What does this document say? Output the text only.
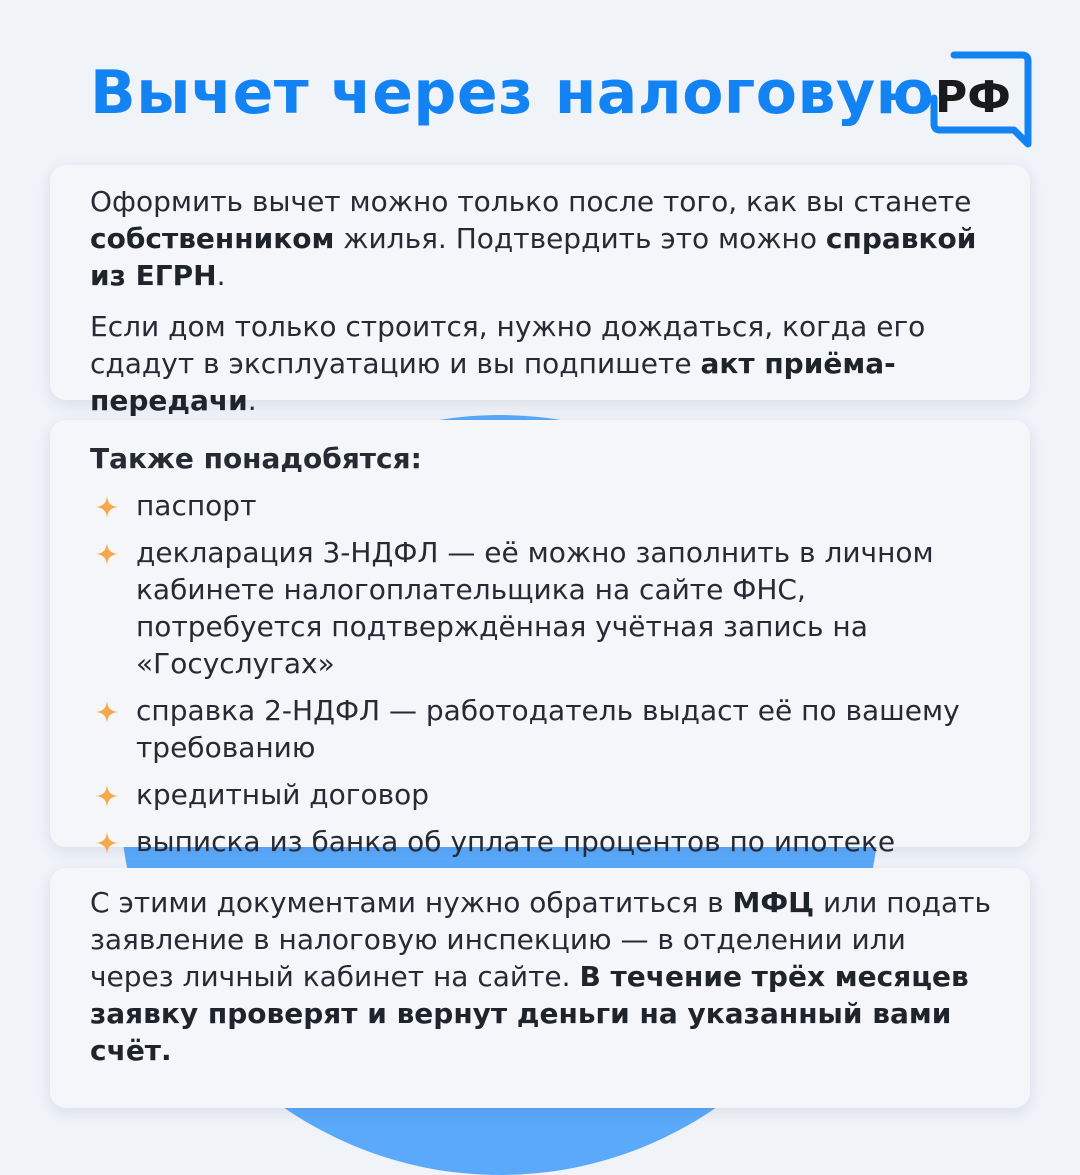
Вычет через налоговую РФ

Оформить вычет можно только после того, как вы станете собственником жилья. Подтвердить это можно справкой из ЕГРН.

Если дом только строится, нужно дождаться, когда его сдадут в эксплуатацию и вы подпишете акт приёма-передачи.

Также понадобятся:

паспорт
декларация 3-НДФЛ — её можно заполнить в личном кабинете налогоплательщика на сайте ФНС, потребуется подтверждённая учётная запись на «Госуслугах»
справка 2-НДФЛ — работодатель выдаст её по вашему требованию
кредитный договор
выписка из банка об уплате процентов по ипотеке

С этими документами нужно обратиться в МФЦ или подать заявление в налоговую инспекцию — в отделении или через личный кабинет на сайте. В течение трёх месяцев заявку проверят и вернут деньги на указанный вами счёт.
